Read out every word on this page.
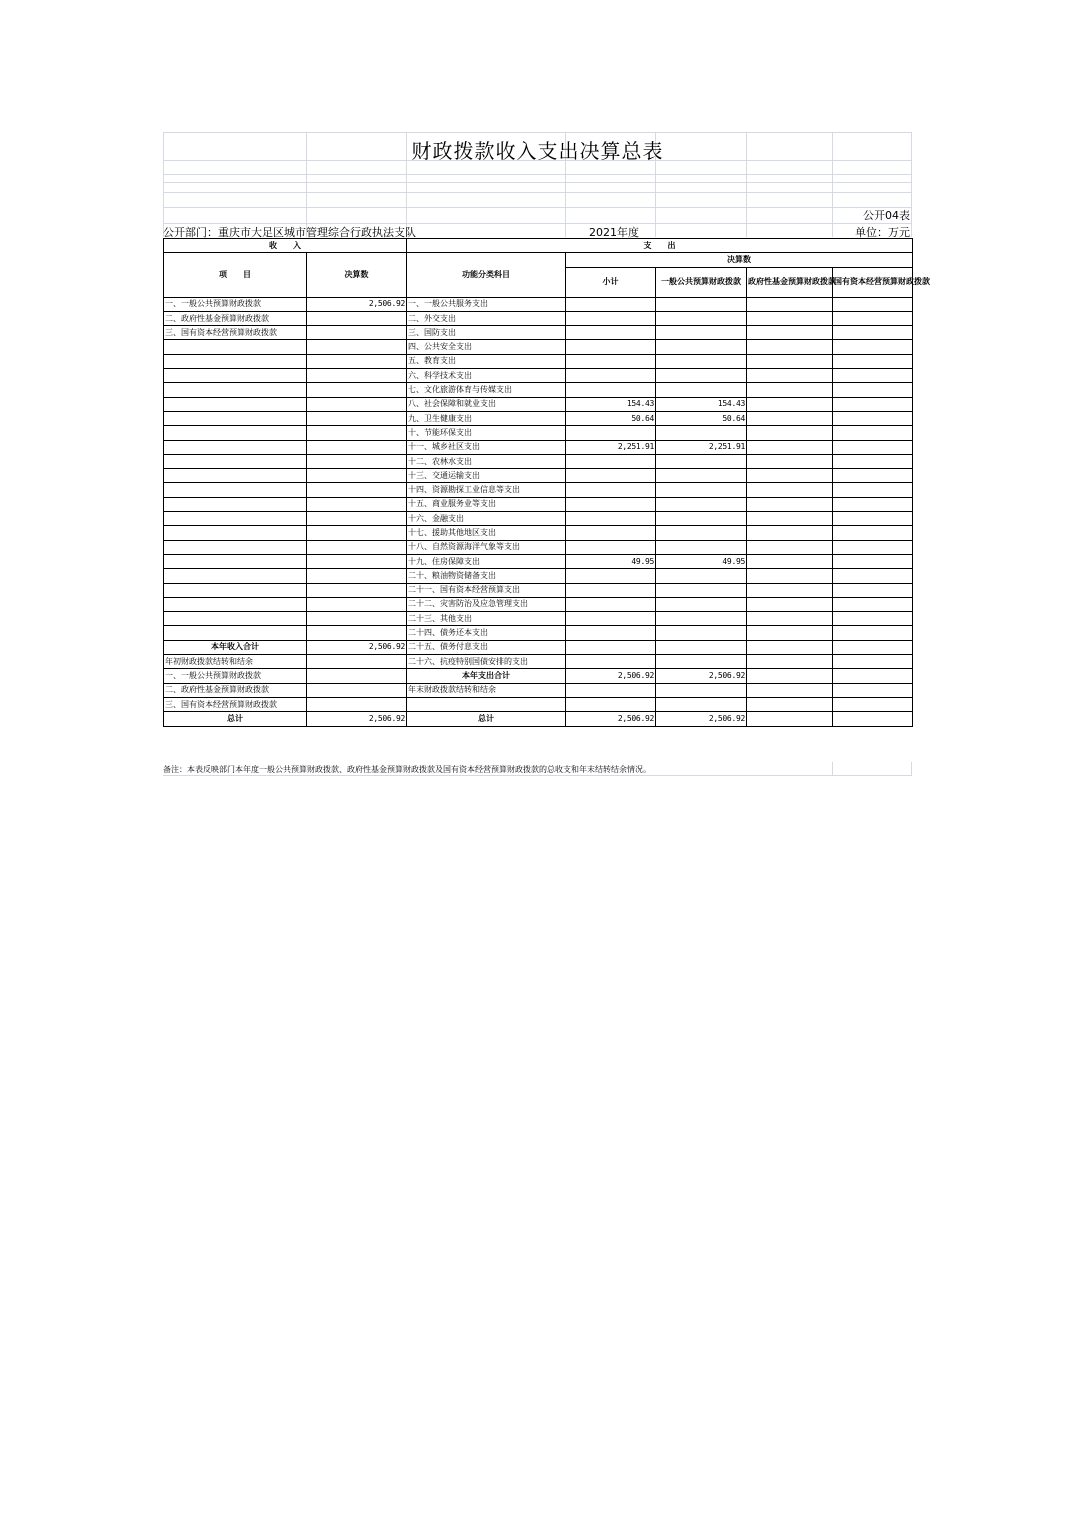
财政拨款收入支出决算总表
公开04表
公开部门：重庆市大足区城市管理综合行政执法支队	2021年度	单位：万元
收　　入		支　　出				
项　　目	决算数	功能分类科目	决算数			
			小计	一般公共预算财政拨款	政府性基金预算财政拨款	国有资本经营预算财政拨款
一、一般公共预算财政拨款	2,506.92	一、一般公共服务支出				
二、政府性基金预算财政拨款		二、外交支出				
三、国有资本经营预算财政拨款		三、国防支出				
		四、公共安全支出				
		五、教育支出				
		六、科学技术支出				
		七、文化旅游体育与传媒支出				
		八、社会保障和就业支出	154.43	154.43		
		九、卫生健康支出	50.64	50.64		
		十、节能环保支出				
		十一、城乡社区支出	2,251.91	2,251.91		
		十二、农林水支出				
		十三、交通运输支出				
		十四、资源勘探工业信息等支出				
		十五、商业服务业等支出				
		十六、金融支出				
		十七、援助其他地区支出				
		十八、自然资源海洋气象等支出				
		十九、住房保障支出	49.95	49.95		
		二十、粮油物资储备支出				
		二十一、国有资本经营预算支出				
		二十二、灾害防治及应急管理支出				
		二十三、其他支出				
		二十四、债务还本支出				
本年收入合计	2,506.92	二十五、债务付息支出				
年初财政拨款结转和结余		二十六、抗疫特别国债安排的支出				
一、一般公共预算财政拨款		本年支出合计	2,506.92	2,506.92		
二、政府性基金预算财政拨款		年末财政拨款结转和结余				
三、国有资本经营预算财政拨款						
总计	2,506.92	总计	2,506.92	2,506.92		
备注：本表反映部门本年度一般公共预算财政拨款、政府性基金预算财政拨款及国有资本经营预算财政拨款的总收支和年末结转结余情况。
